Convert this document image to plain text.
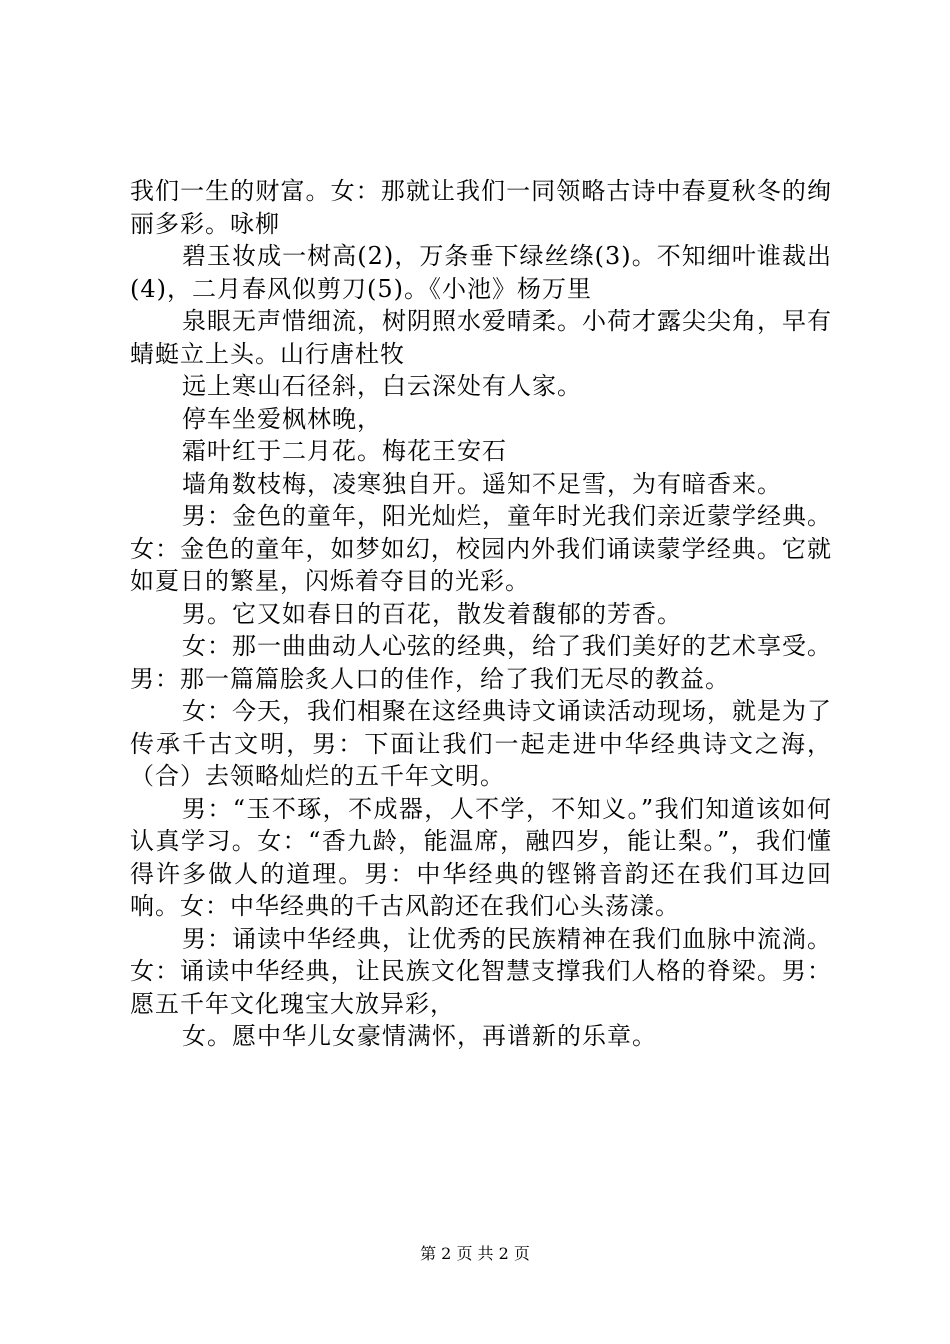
我们一生的财富。女：那就让我们一同领略古诗中春夏秋冬的绚丽多彩。咏柳

碧玉妆成一树高(2)，万条垂下绿丝绦(3)。不知细叶谁裁出(4)，二月春风似剪刀(5)。《小池》杨万里

泉眼无声惜细流，树阴照水爱晴柔。小荷才露尖尖角，早有蜻蜓立上头。山行唐杜牧

远上寒山石径斜，白云深处有人家。

停车坐爱枫林晚，

霜叶红于二月花。梅花王安石

墙角数枝梅，凌寒独自开。遥知不足雪，为有暗香来。

男：金色的童年，阳光灿烂，童年时光我们亲近蒙学经典。女：金色的童年，如梦如幻，校园内外我们诵读蒙学经典。它就如夏日的繁星，闪烁着夺目的光彩。

男。它又如春日的百花，散发着馥郁的芳香。

女：那一曲曲动人心弦的经典，给了我们美好的艺术享受。男：那一篇篇脍炙人口的佳作，给了我们无尽的教益。

女：今天，我们相聚在这经典诗文诵读活动现场，就是为了传承千古文明，男：下面让我们一起走进中华经典诗文之海，（合）去领略灿烂的五千年文明。

男：“玉不琢，不成器，人不学，不知义。”我们知道该如何认真学习。女：“香九龄，能温席，融四岁，能让梨。”，我们懂得许多做人的道理。男：中华经典的铿锵音韵还在我们耳边回响。女：中华经典的千古风韵还在我们心头荡漾。

男：诵读中华经典，让优秀的民族精神在我们血脉中流淌。女：诵读中华经典，让民族文化智慧支撑我们人格的脊梁。男：愿五千年文化瑰宝大放异彩，

女。愿中华儿女豪情满怀，再谱新的乐章。

第 2 页 共 2 页
